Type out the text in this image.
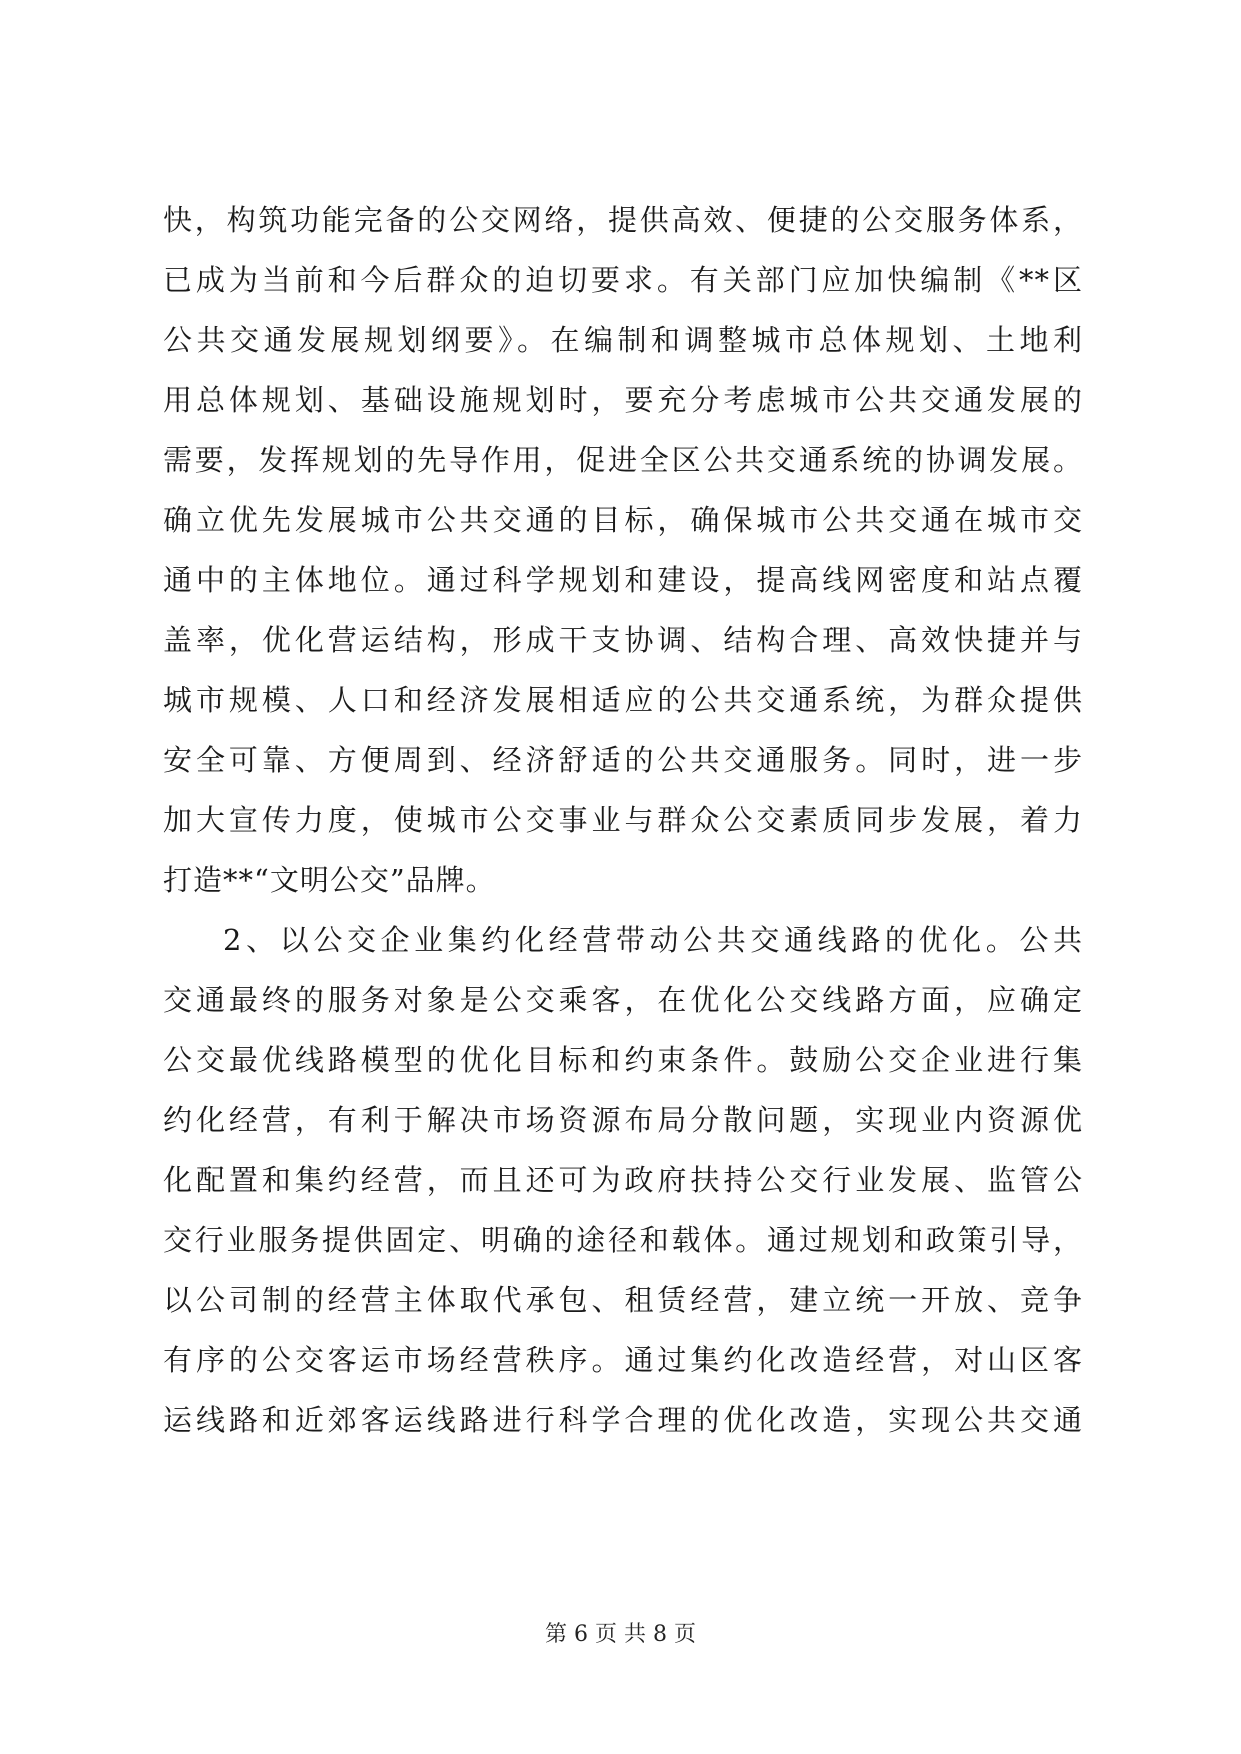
快，构筑功能完备的公交网络，提供高效、便捷的公交服务体系，
已成为当前和今后群众的迫切要求。有关部门应加快编制《**区
公共交通发展规划纲要》。在编制和调整城市总体规划、土地利
用总体规划、基础设施规划时，要充分考虑城市公共交通发展的
需要，发挥规划的先导作用，促进全区公共交通系统的协调发展。
确立优先发展城市公共交通的目标，确保城市公共交通在城市交
通中的主体地位。通过科学规划和建设，提高线网密度和站点覆
盖率，优化营运结构，形成干支协调、结构合理、高效快捷并与
城市规模、人口和经济发展相适应的公共交通系统，为群众提供
安全可靠、方便周到、经济舒适的公共交通服务。同时，进一步
加大宣传力度，使城市公交事业与群众公交素质同步发展，着力
打造**“文明公交”品牌。
2、以公交企业集约化经营带动公共交通线路的优化。公共
交通最终的服务对象是公交乘客，在优化公交线路方面，应确定
公交最优线路模型的优化目标和约束条件。鼓励公交企业进行集
约化经营，有利于解决市场资源布局分散问题，实现业内资源优
化配置和集约经营，而且还可为政府扶持公交行业发展、监管公
交行业服务提供固定、明确的途径和载体。通过规划和政策引导，
以公司制的经营主体取代承包、租赁经营，建立统一开放、竞争
有序的公交客运市场经营秩序。通过集约化改造经营，对山区客
运线路和近郊客运线路进行科学合理的优化改造，实现公共交通
第 6 页 共 8 页
